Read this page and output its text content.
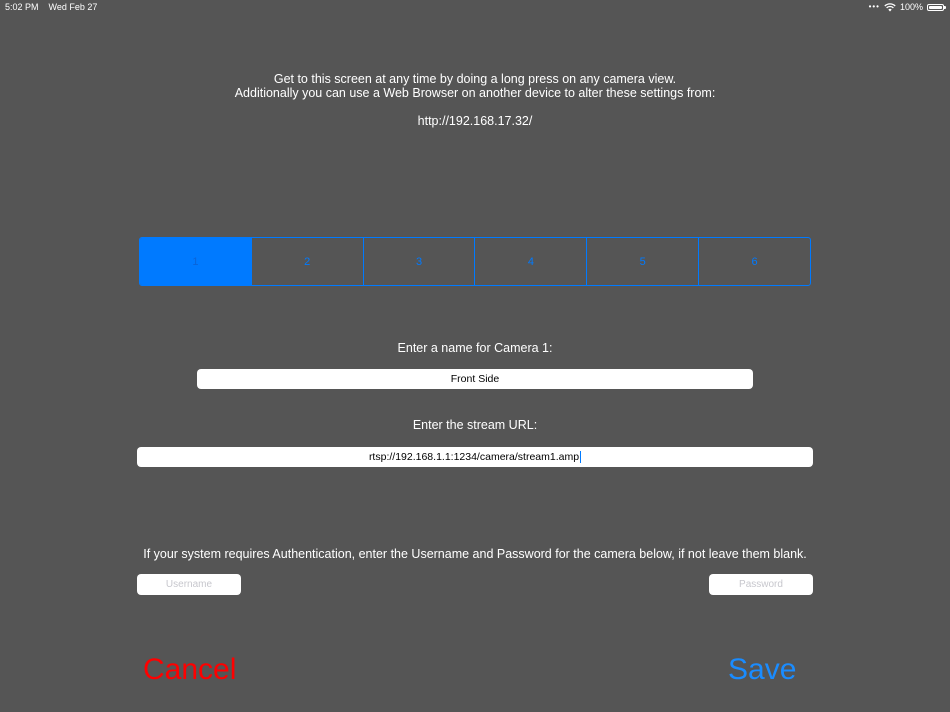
5:02 PM Wed Feb 27	••• 100%
Get to this screen at any time by doing a long press on any camera view.
Additionally you can use a Web Browser on another device to alter these settings from:
http://192.168.17.32/
1	2	3	4	5	6
Enter a name for Camera 1:
Front Side
Enter the stream URL:
rtsp://192.168.1.1:1234/camera/stream1.amp
If your system requires Authentication, enter the Username and Password for the camera below, if not leave them blank.
Username	Password
Cancel	Save
